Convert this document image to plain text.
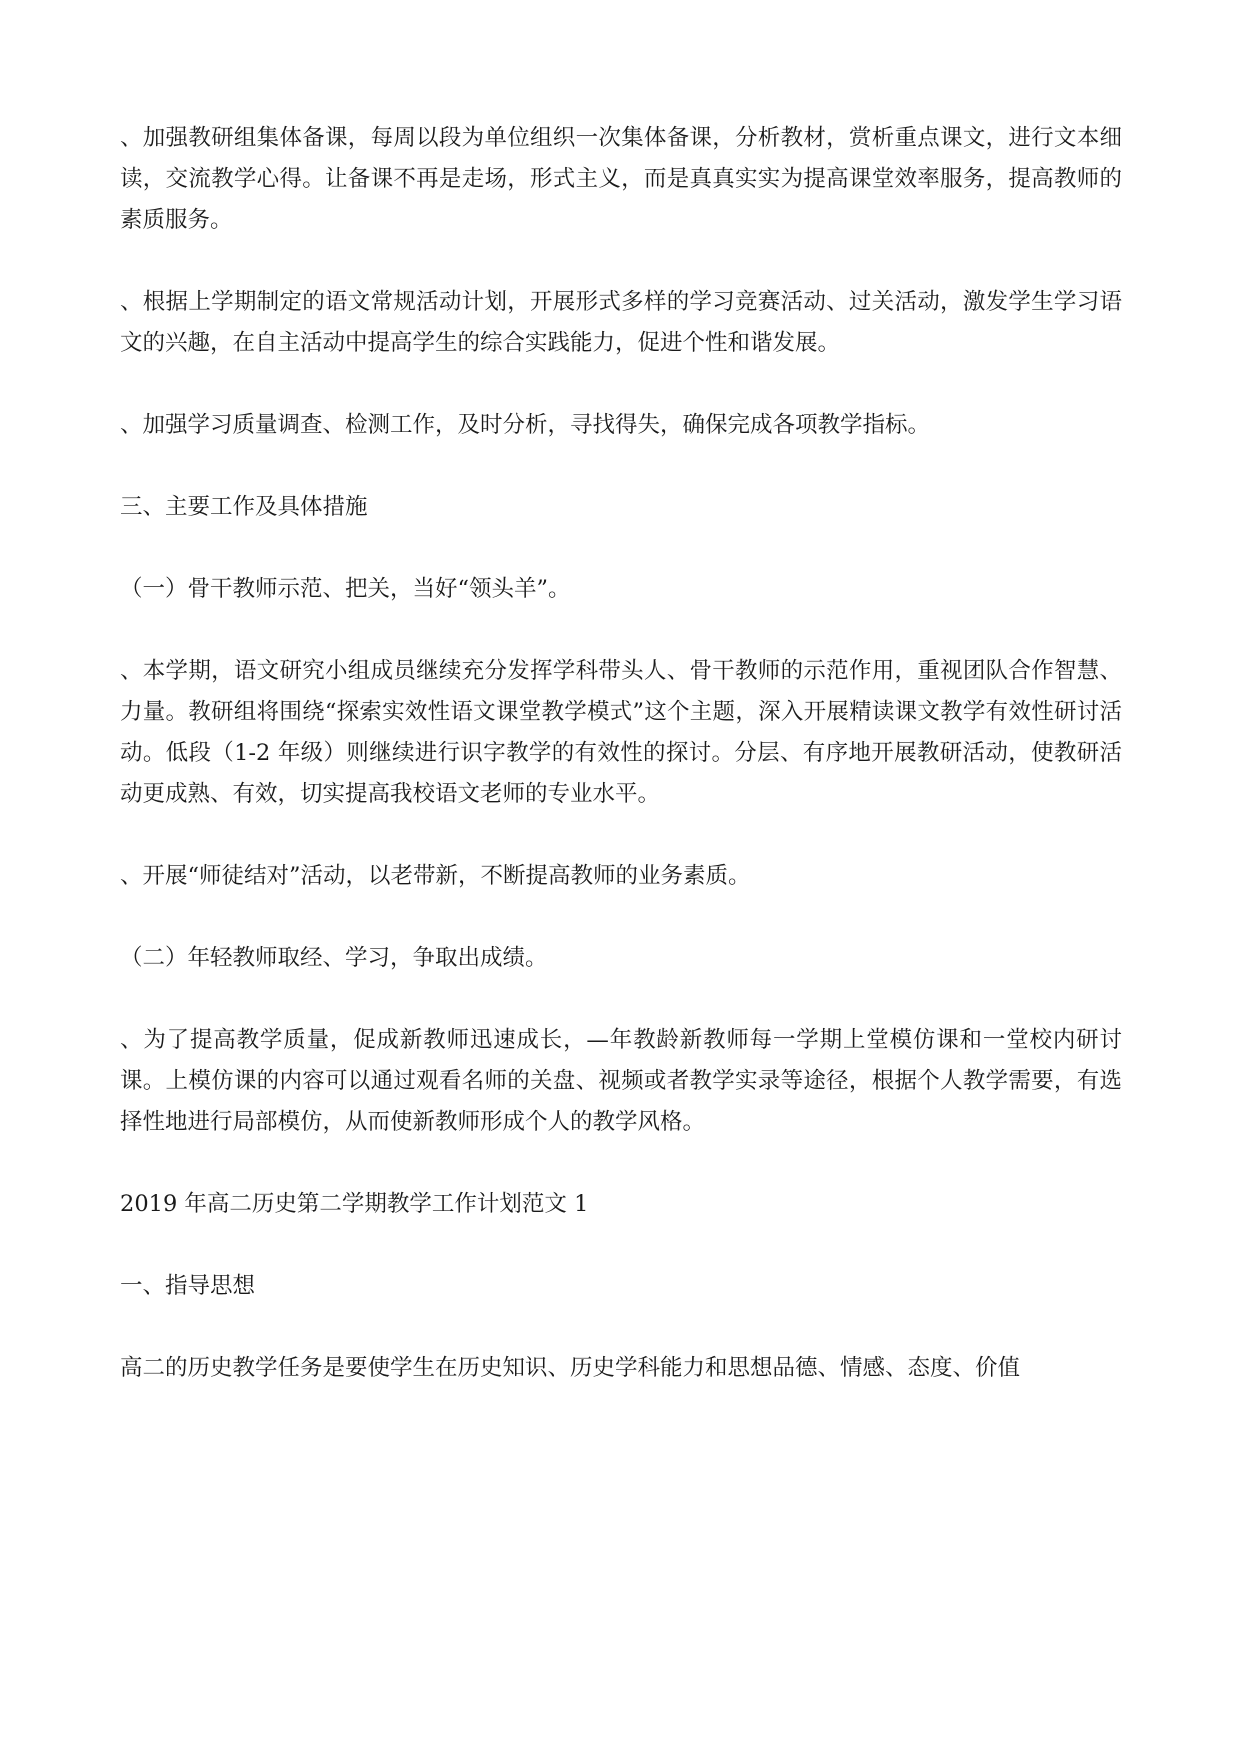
、加强教研组集体备课，每周以段为单位组织一次集体备课，分析教材，赏析重点课文，进行文本细读，交流教学心得。让备课不再是走场，形式主义，而是真真实实为提高课堂效率服务，提高教师的素质服务。

、根据上学期制定的语文常规活动计划，开展形式多样的学习竞赛活动、过关活动，激发学生学习语文的兴趣，在自主活动中提高学生的综合实践能力，促进个性和谐发展。

、加强学习质量调查、检测工作，及时分析，寻找得失，确保完成各项教学指标。

三、主要工作及具体措施

（一）骨干教师示范、把关，当好“领头羊”。

、本学期，语文研究小组成员继续充分发挥学科带头人、骨干教师的示范作用，重视团队合作智慧、力量。教研组将围绕“探索实效性语文课堂教学模式”这个主题，深入开展精读课文教学有效性研讨活动。低段（1-2 年级）则继续进行识字教学的有效性的探讨。分层、有序地开展教研活动，使教研活动更成熟、有效，切实提高我校语文老师的专业水平。

、开展“师徒结对”活动，以老带新，不断提高教师的业务素质。

（二）年轻教师取经、学习，争取出成绩。

、为了提高教学质量，促成新教师迅速成长，—年教龄新教师每一学期上堂模仿课和一堂校内研讨课。上模仿课的内容可以通过观看名师的关盘、视频或者教学实录等途径，根据个人教学需要，有选择性地进行局部模仿，从而使新教师形成个人的教学风格。

2019 年高二历史第二学期教学工作计划范文 1

一、指导思想

高二的历史教学任务是要使学生在历史知识、历史学科能力和思想品德、情感、态度、价值
